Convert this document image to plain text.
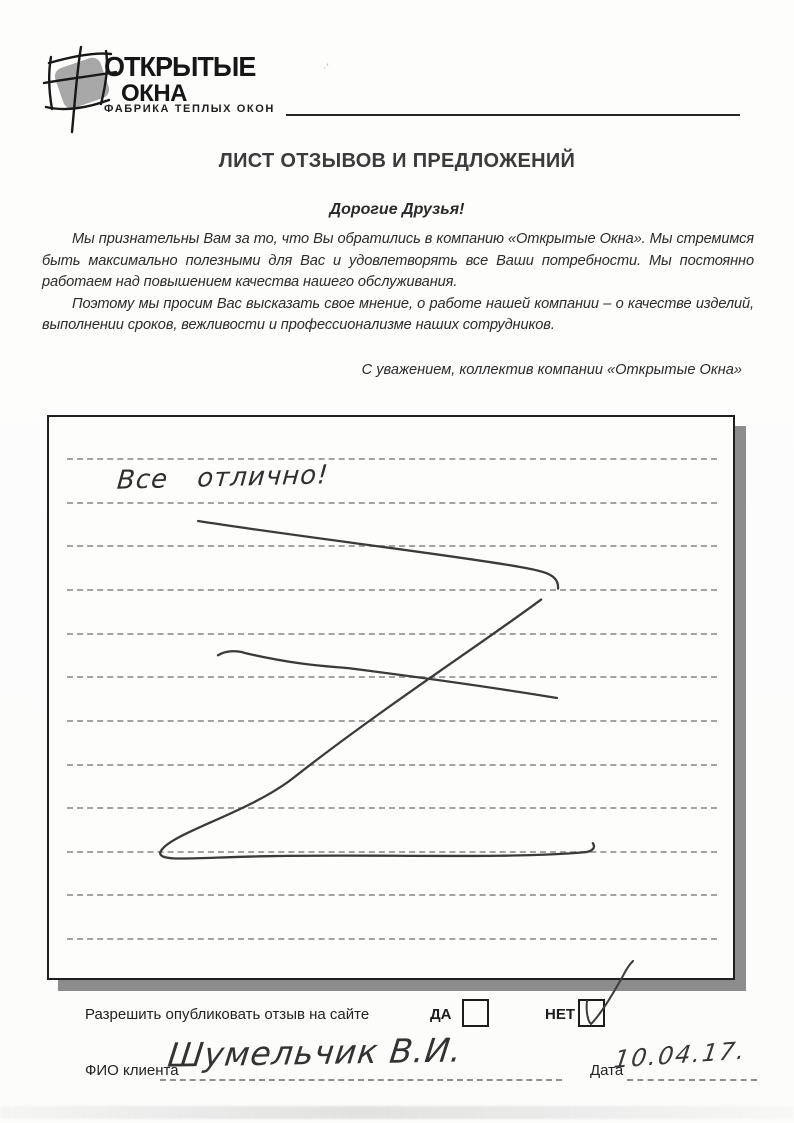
ОТКРЫТЫЕ
ОКНА
ФАБРИКА ТЕПЛЫХ ОКОН
·'
ЛИСТ ОТЗЫВОВ И ПРЕДЛОЖЕНИЙ
Дорогие Друзья!

Мы признательны Вам за то, что Вы обратились в компанию «Открытые Окна». Мы стремимся быть максимально полезными для Вас и удовлетворять все Ваши потребности. Мы постоянно работаем над повышением качества нашего обслуживания.

Поэтому мы просим Вас высказать свое мнение, о работе нашей компании – о качестве изделий, выполнении сроков, вежливости и профессионализме наших сотрудников.

С уважением, коллектив компании «Открытые Окна»
Все отлично!
Разрешить опубликовать отзыв на сайте	ДА	НЕТ
ФИО клиента
Шумельчик В.И.	Дата
10.04.17.
